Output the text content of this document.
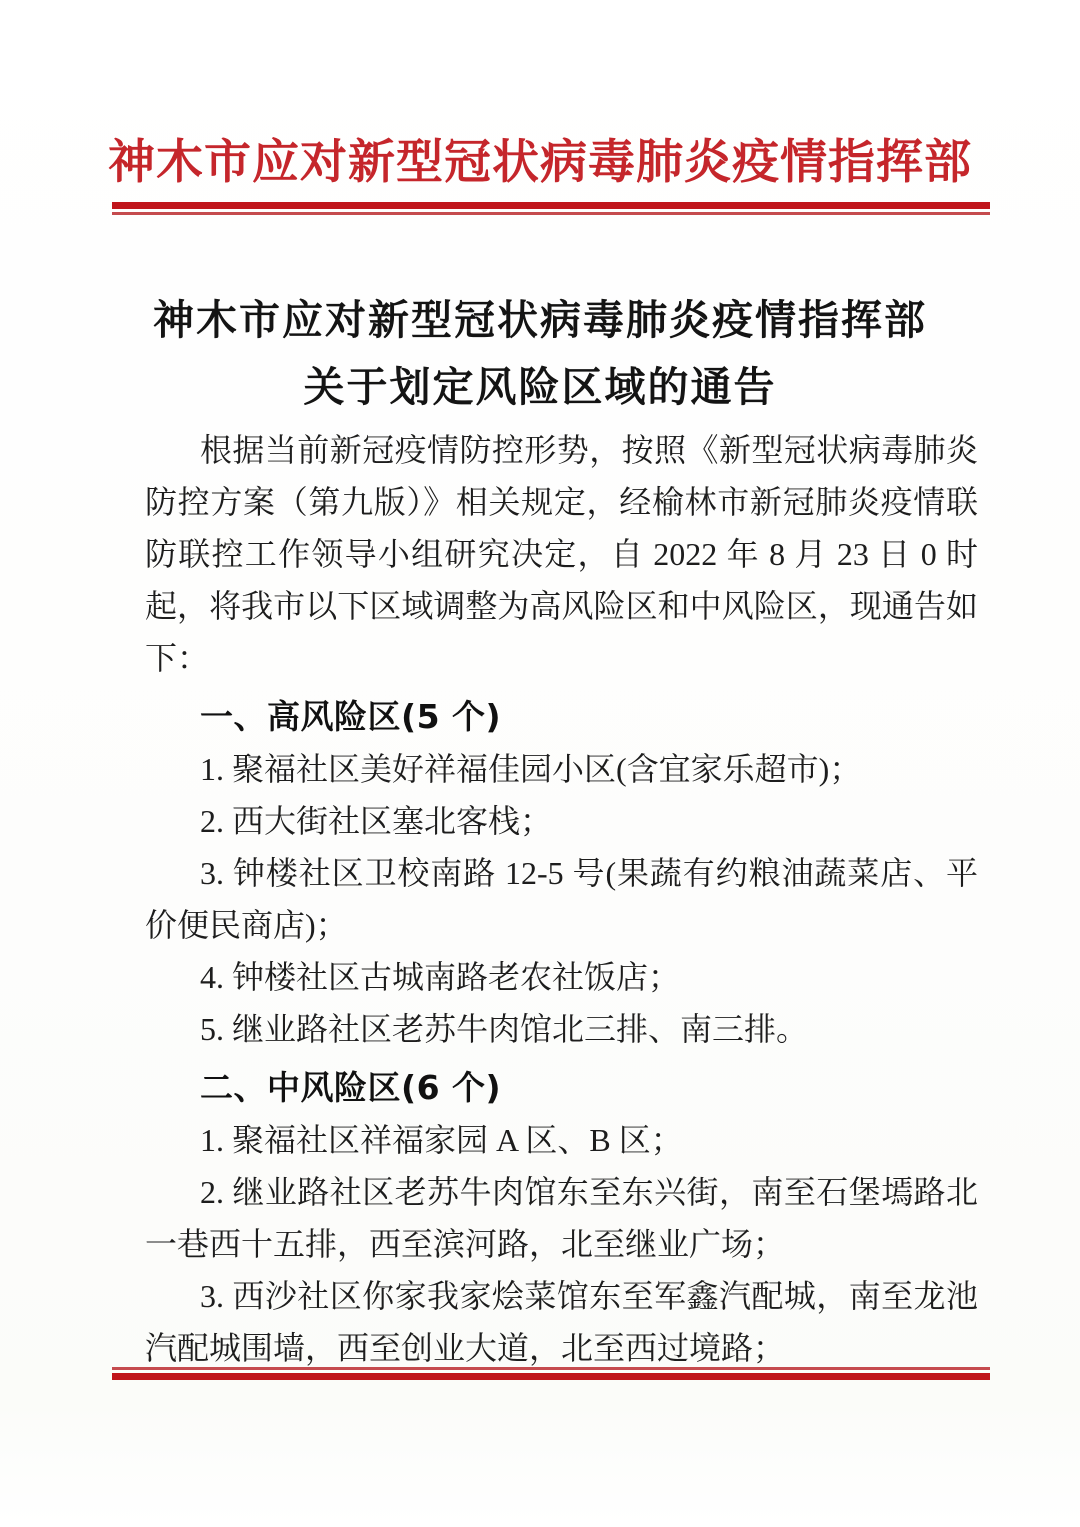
神木市应对新型冠状病毒肺炎疫情指挥部
神木市应对新型冠状病毒肺炎疫情指挥部
关于划定风险区域的通告

根据当前新冠疫情防控形势，按照《新型冠状病毒肺炎防控方案（第九版）》相关规定，经榆林市新冠肺炎疫情联防联控工作领导小组研究决定，自 2022 年 8 月 23 日 0 时起，将我市以下区域调整为高风险区和中风险区，现通告如下：

一、高风险区(5 个)

1. 聚福社区美好祥福佳园小区(含宜家乐超市)；

2. 西大街社区塞北客栈；

3. 钟楼社区卫校南路 12-5 号(果蔬有约粮油蔬菜店、平价便民商店)；

4. 钟楼社区古城南路老农社饭店；

5. 继业路社区老苏牛肉馆北三排、南三排。

二、中风险区(6 个)

1. 聚福社区祥福家园 A 区、B 区；

2. 继业路社区老苏牛肉馆东至东兴街，南至石堡墕路北一巷西十五排，西至滨河路，北至继业广场；

3. 西沙社区你家我家烩菜馆东至军鑫汽配城，南至龙池汽配城围墙，西至创业大道，北至西过境路；
